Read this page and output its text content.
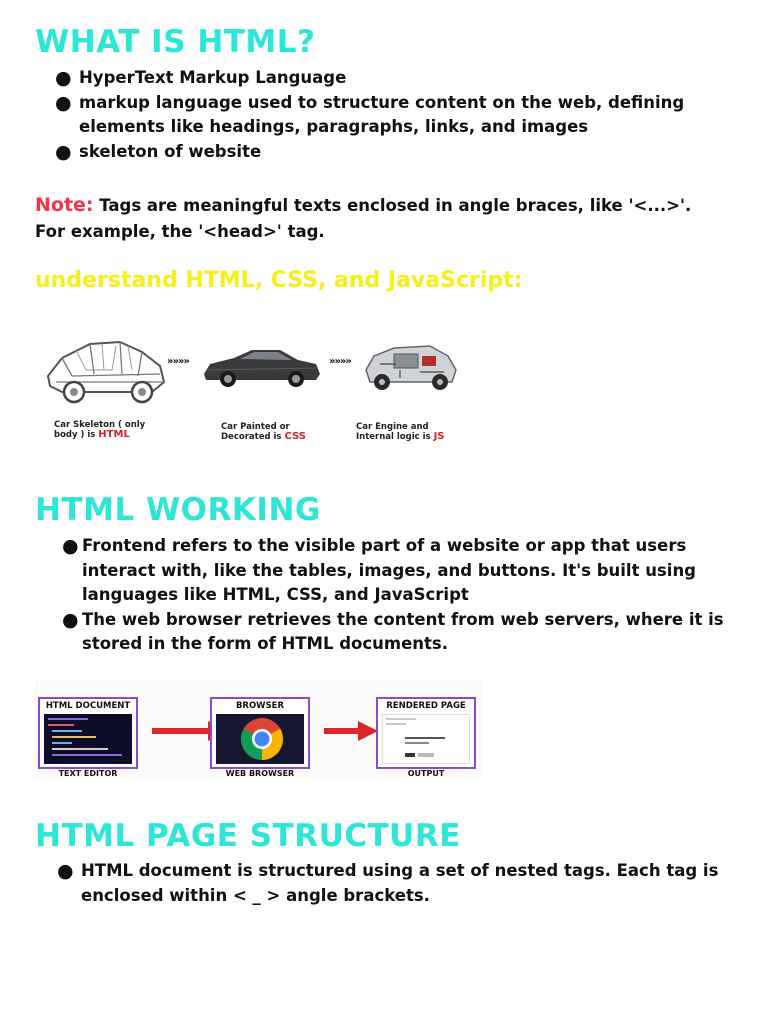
WHAT IS HTML?
● HyperText Markup Language
● markup language used to structure content on the web, defining elements like headings, paragraphs, links, and images
● skeleton of website

Note: Tags are meaningful texts enclosed in angle braces, like '<...>'. For example, the '<head>' tag.

understand HTML, CSS, and JavaScript:
»»»»	»»»»
Car Skeleton ( only body ) is HTML
Car Painted or Decorated is CSS
Car Engine and Internal logic is JS
HTML WORKING
● Frontend refers to the visible part of a website or app that users interact with, like the tables, images, and buttons. It's built using languages like HTML, CSS, and JavaScript
● The web browser retrieves the content from web servers, where it is stored in the form of HTML documents.
HTML DOCUMENT
TEXT EDITOR
BROWSER
WEB BROWSER
RENDERED PAGE
OUTPUT
HTML PAGE STRUCTURE
● HTML document is structured using a set of nested tags. Each tag is enclosed within < _ > angle brackets.
